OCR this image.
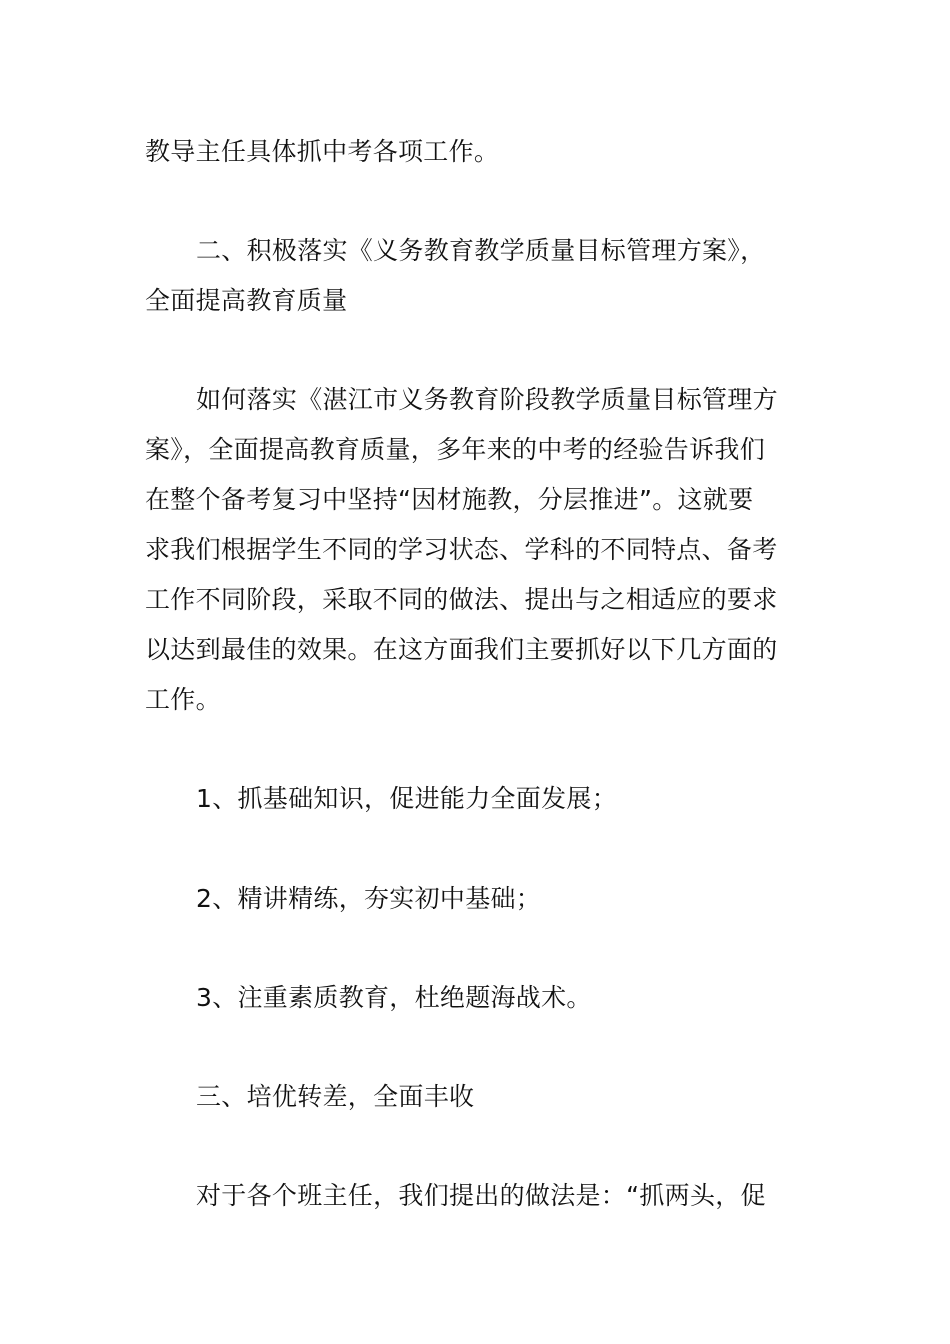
教导主任具体抓中考各项工作。
二、积极落实《义务教育教学质量目标管理方案》，
全面提高教育质量
如何落实《湛江市义务教育阶段教学质量目标管理方
案》，全面提高教育质量，多年来的中考的经验告诉我们
在整个备考复习中坚持“因材施教，分层推进”。这就要
求我们根据学生不同的学习状态、学科的不同特点、备考
工作不同阶段，采取不同的做法、提出与之相适应的要求
以达到最佳的效果。在这方面我们主要抓好以下几方面的
工作。
1、抓基础知识，促进能力全面发展；
2、精讲精练，夯实初中基础；
3、注重素质教育，杜绝题海战术。
三、培优转差，全面丰收
对于各个班主任，我们提出的做法是：“抓两头，促
